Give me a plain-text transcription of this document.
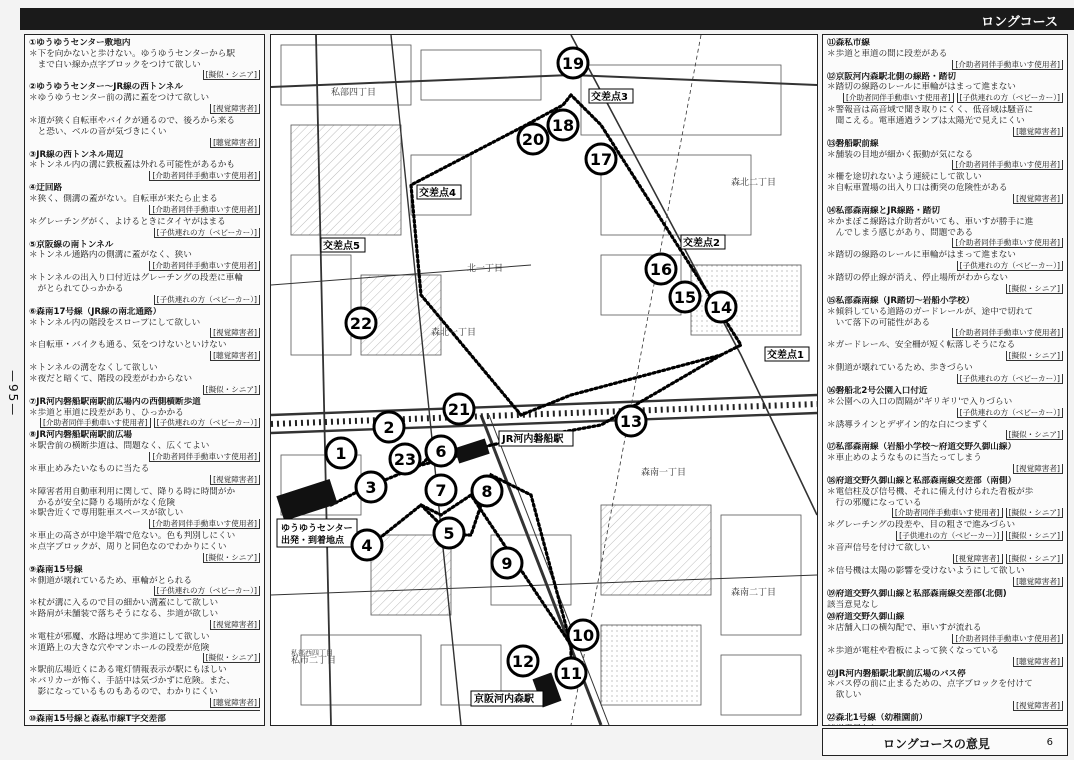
ロングコース
—95—
①ゆうゆうセンター敷地内
＊下を向かないと歩けない。ゆうゆうセンターから駅
　まで白い線か点字ブロックをつけて欲しい
[擬似・シニア]
②ゆうゆうセンター～JR線の西トンネル
＊ゆうゆうセンター前の溝に蓋をつけて欲しい
[視覚障害者]
＊道が狭く自転車やバイクが通るので、後ろから来る
　と恐い、ベルの音が気づきにくい
[聴覚障害者]
③JR線の西トンネル周辺
＊トンネル内の溝に鉄板蓋は外れる可能性があるかも
[介助者同伴手動車いす使用者]
④迂回路
＊狭く、側溝の蓋がない。自転車が来たら止まる
[介助者同伴手動車いす使用者]
＊グレーチングがく、よけるときにタイヤがはまる
[子供連れの方（ベビーカー）]
⑤京阪線の南トンネル
＊トンネル通路内の側溝に蓋がなく、狭い
[介助者同伴手動車いす使用者]
＊トンネルの出入り口付近はグレーチングの段差に車輪
　がとられてひっかかる
[子供連れの方（ベビーカー）]
⑥森南17号線（JR線の南北通路）
＊トンネル内の階段をスロープにして欲しい
[視覚障害者]
＊自転車・バイクも通る、気をつけないといけない
[聴覚障害者]
＊トンネルの溝をなくして欲しい
＊夜だと暗くて、階段の段差がわからない
[擬似・シニア]
⑦JR河内磐船駅南駅前広場内の西側横断歩道
＊歩道と車道に段差があり、ひっかかる
[介助者同伴手動車いす使用者] [子供連れの方（ベビーカー）]
⑧JR河内磐船駅南駅前広場
＊駅舎前の横断歩道は、問題なく、広くてよい
[介助者同伴手動車いす使用者]
＊車止めみたいなものに当たる
[視覚障害者]
＊障害者用自動車利用に関して、降りる時に時間がか
　かるが安全に降りる場所がなく危険
＊駅舎近くで専用駐車スペースが欲しい
[介助者同伴手動車いす使用者]
＊車止の高さが中途半端で危ない。色も判別しにくい
＊点字ブロックが、周りと同色なのでわかりにくい
[擬似・シニア]
⑨森南15号線
＊側道が壊れているため、車輪がとられる
[子供連れの方（ベビーカー）]
＊杖が溝に入るので目の細かい溝蓋にして欲しい
＊路肩が未舗装で落ちそうになる、歩道が欲しい
[視覚障害者]
＊電柱が邪魔、水路は埋めて歩道にして欲しい
＊道路上の大きな穴やマンホールの段差が危険
[擬似・シニア]
＊駅前広場近くにある電灯情報表示が駅にもほしい
＊バリカーが怖く、手話中は気づかずに危険。また、
　影になっているものもあるので、わかりにくい
[聴覚障害者]
⑩森南15号線と森私市線T字交差部
北一丁目
森北二丁目
森南二丁目
私市二丁目
森南一丁目
私部四丁目
森北一丁目
私部西四丁目
交差点1
交差点2
交差点3
交差点4
交差点5
JR河内磐船駅
京阪河内森駅
ゆうゆうセンター
出発・到着地点
1
2
3
4
5
6
7 8
9
10
11
12
13
14
15
16
17
18
19
20
21
22
23
⑪森私市線
＊歩道と車道の間に段差がある
[介助者同伴手動車いす使用者]
⑫京阪河内森駅北側の線路・踏切
＊踏切の線路のレールに車輪がはまって進まない
[介助者同伴手動車いす使用者] [子供連れの方（ベビーカー）]
＊警報音は高音域で聞き取りにくく、低音域は騒音に
　聞こえる。電車通過ランプは太陽光で見えにくい
[聴覚障害者]
⑬磐船駅前線
＊舗装の目地が細かく振動が気になる
[介助者同伴手動車いす使用者]
＊柵を途切れないよう連続にして欲しい
＊自転車置場の出入り口は衝突の危険性がある
[視覚障害者]
⑭私部森南線とJR線路・踏切
＊かまぼこ線路は介助者がいても、車いすが勝手に進
　んでしまう感じがあり、問題である
[介助者同伴手動車いす使用者]
＊踏切の線路のレールに車輪がはまって進まない
[子供連れの方（ベビーカー）]
＊踏切の停止線が消え、停止場所がわからない
[擬似・シニア]
⑮私部森南線（JR踏切～岩船小学校）
＊傾斜している道路のガードレールが、途中で切れて
　いて落下の可能性がある
[介助者同伴手動車いす使用者]
＊ガードレール、安全柵が短く転落しそうになる
[擬似・シニア]
＊側道が壊れているため、歩きづらい
[子供連れの方（ベビーカー）]
⑯磐船北2号公園入口付近
＊公園への入口の間隔が'ギリギリ'で入りづらい
[子供連れの方（ベビーカー）]
＊誘導ラインとデザイン的な白につまずく
[擬似・シニア]
⑰私部森南線（岩船小学校～府道交野久御山線）
＊車止めのようなものに当たってしまう
[視覚障害者]
⑱府道交野久御山線と私部森南線交差部（南側）
＊電信柱及び信号機、それに備え付けられた看板が歩
　行の邪魔になっている
[介助者同伴手動車いす使用者] [擬似・シニア]
＊グレーチングの段差や、目の粗さで進みづらい
[子供連れの方（ベビーカー）] [擬似・シニア]
＊音声信号を付けて欲しい
[視覚障害者] [擬似・シニア]
＊信号機は太陽の影響を受けないようにして欲しい
[聴覚障害者]
⑲府道交野久御山線と私部森南線交差部(北側)
該当意見なし
⑳府道交野久御山線
＊店舗入口の横勾配で、車いすが流れる
[介助者同伴手動車いす使用者]
＊歩道が電柱や看板によって狭くなっている
[聴覚障害者]
㉑JR河内磐船駅北駅前広場のバス停
＊バス停の前に止まるための、点字ブロックを付けて
　欲しい
[視覚障害者]
㉒森北1号線（幼稚園前）
ロングコースの意見	6
